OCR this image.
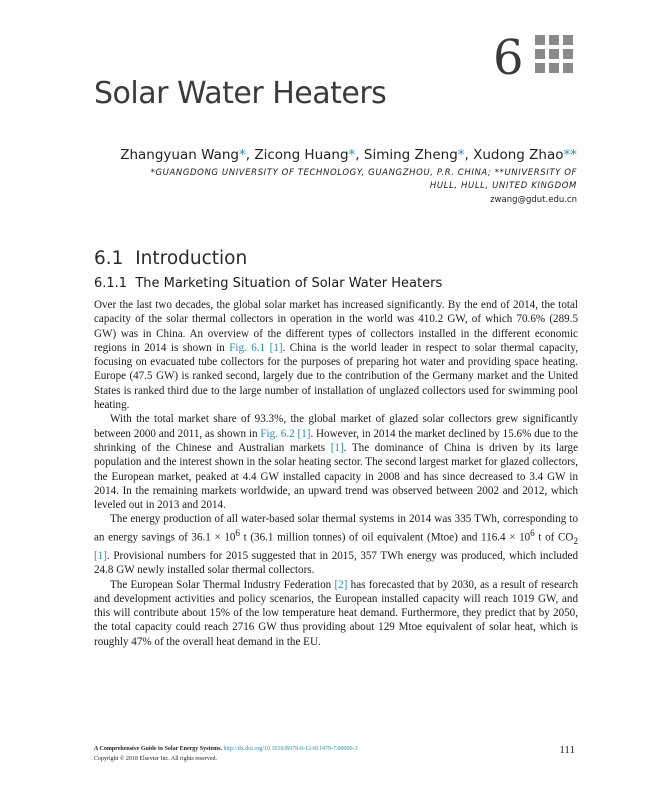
6
Solar Water Heaters
Zhangyuan Wang*, Zicong Huang*, Siming Zheng*, Xudong Zhao**
*GUANGDONG UNIVERSITY OF TECHNOLOGY, GUANGZHOU, P.R. CHINA; **UNIVERSITY OF
HULL, HULL, UNITED KINGDOM
zwang@gdut.edu.cn
6.1 Introduction
6.1.1 The Marketing Situation of Solar Water Heaters

Over the last two decades, the global solar market has increased significantly. By the end of 2014, the total capacity of the solar thermal collectors in operation in the world was 410.2 GW, of which 70.6% (289.5 GW) was in China. An overview of the different types of collectors installed in the different economic regions in 2014 is shown in Fig. 6.1 [1]. China is the world leader in respect to solar thermal capacity, focusing on evacuated tube collectors for the purposes of preparing hot water and providing space heating. Europe (47.5 GW) is ranked second, largely due to the contribution of the Germany market and the United States is ranked third due to the large number of installation of unglazed collectors used for swimming pool heating.

With the total market share of 93.3%, the global market of glazed solar collectors grew significantly between 2000 and 2011, as shown in Fig. 6.2 [1]. However, in 2014 the market declined by 15.6% due to the shrinking of the Chinese and Australian markets [1]. The dominance of China is driven by its large population and the interest shown in the solar heating sector. The second largest market for glazed collectors, the European market, peaked at 4.4 GW installed capacity in 2008 and has since decreased to 3.4 GW in 2014. In the remaining markets worldwide, an upward trend was observed between 2002 and 2012, which leveled out in 2013 and 2014.

The energy production of all water-based solar thermal systems in 2014 was 335 TWh, corresponding to an energy savings of $36.1 \times 10^6$ t (36.1 million tonnes) of oil equivalent (Mtoe) and $116.4 \times 10^6$ t of $CO_2$ [1]. Provisional numbers for 2015 suggested that in 2015, 357 TWh energy was produced, which included 24.8 GW newly installed solar thermal collectors.

The European Solar Thermal Industry Federation [2] has forecasted that by 2030, as a result of research and development activities and policy scenarios, the European installed capacity will reach 1019 GW, and this will contribute about 15% of the low temperature heat demand. Furthermore, they predict that by 2050, the total capacity could reach 2716 GW thus providing about 129 Mtoe equivalent of solar heat, which is roughly 47% of the overall heat demand in the EU.

A Comprehensive Guide to Solar Energy Systems. http://dx.doi.org/10.1016/B978-0-12-811479-7.00006-3
Copyright © 2018 Elsevier Inc. All rights reserved.
111
